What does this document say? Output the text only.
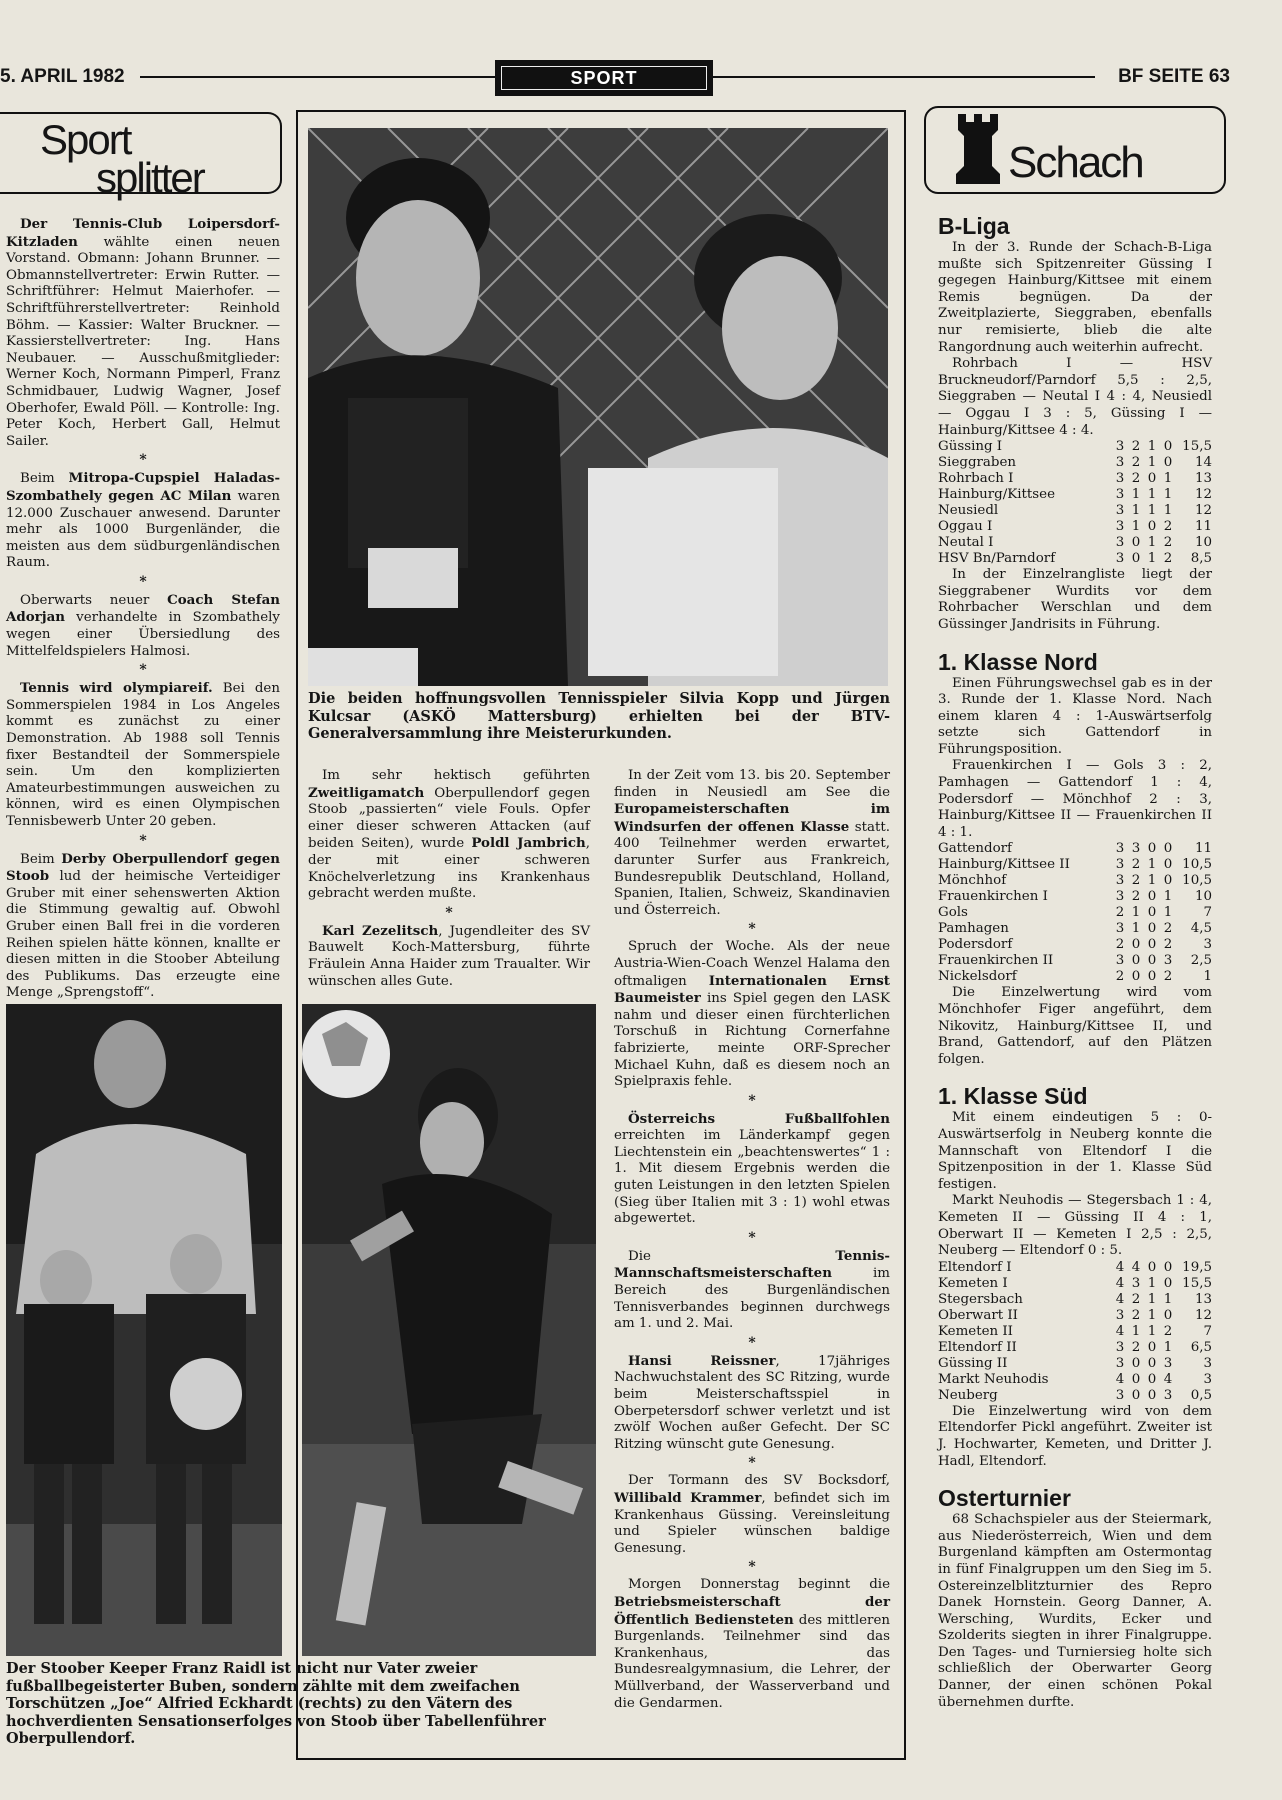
5. APRIL 1982	SPORT	BF SEITE 63
Sport
splitter

Der Tennis-Club Loipersdorf-Kitzladen wählte einen neuen Vorstand. Obmann: Johann Brunner. — Obmannstellvertreter: Erwin Rutter. — Schriftführer: Helmut Maierhofer. — Schriftführerstellvertreter: Reinhold Böhm. — Kassier: Walter Bruckner. — Kassierstellvertreter: Ing. Hans Neubauer. — Ausschußmitglieder: Werner Koch, Normann Pimperl, Franz Schmidbauer, Ludwig Wagner, Josef Oberhofer, Ewald Pöll. — Kontrolle: Ing. Peter Koch, Herbert Gall, Helmut Sailer.

*

Beim Mitropa-Cupspiel Haladas-Szombathely gegen AC Milan waren 12.000 Zuschauer anwesend. Darunter mehr als 1000 Burgenländer, die meisten aus dem südburgenländischen Raum.

*

Oberwarts neuer Coach Stefan Adorjan verhandelte in Szombathely wegen einer Übersiedlung des Mittelfeldspielers Halmosi.

*

Tennis wird olympiareif. Bei den Sommerspielen 1984 in Los Angeles kommt es zunächst zu einer Demonstration. Ab 1988 soll Tennis fixer Bestandteil der Sommerspiele sein. Um den komplizierten Amateurbestimmungen ausweichen zu können, wird es einen Olympischen Tennisbewerb Unter 20 geben.

*

Beim Derby Oberpullendorf gegen Stoob lud der heimische Verteidiger Gruber mit einer sehenswerten Aktion die Stimmung gewaltig auf. Obwohl Gruber einen Ball frei in die vorderen Reihen spielen hätte können, knallte er diesen mitten in die Stoober Abteilung des Publikums. Das erzeugte eine Menge „Sprengstoff“.

Der Stoober Keeper Franz Raidl ist nicht nur Vater zweier fußballbegeisterter Buben, sondern zählte mit dem zweifachen Torschützen „Joe“ Alfried Eckhardt (rechts) zu den Vätern des hochverdienten Sensationserfolges von Stoob über Tabellenführer Oberpullendorf.
Die beiden hoffnungsvollen Tennisspieler Silvia Kopp und Jürgen Kulcsar (ASKÖ Mattersburg) erhielten bei der BTV-Generalversammlung ihre Meisterurkunden.

Im sehr hektisch geführten Zweitligamatch Oberpullendorf gegen Stoob „passierten“ viele Fouls. Opfer einer dieser schweren Attacken (auf beiden Seiten), wurde Poldl Jambrich, der mit einer schweren Knöchelverletzung ins Krankenhaus gebracht werden mußte.

*

Karl Zezelitsch, Jugendleiter des SV Bauwelt Koch-Mattersburg, führte Fräulein Anna Haider zum Traualter. Wir wünschen alles Gute.

In der Zeit vom 13. bis 20. September finden in Neusiedl am See die Europameisterschaften im Windsurfen der offenen Klasse statt. 400 Teilnehmer werden erwartet, darunter Surfer aus Frankreich, Bundesrepublik Deutschland, Holland, Spanien, Italien, Schweiz, Skandinavien und Österreich.

*

Spruch der Woche. Als der neue Austria-Wien-Coach Wenzel Halama den oftmaligen Internationalen Ernst Baumeister ins Spiel gegen den LASK nahm und dieser einen fürchterlichen Torschuß in Richtung Cornerfahne fabrizierte, meinte ORF-Sprecher Michael Kuhn, daß es diesem noch an Spielpraxis fehle.

*

Österreichs Fußballfohlen erreichten im Länderkampf gegen Liechtenstein ein „beachtenswertes“ 1 : 1. Mit diesem Ergebnis werden die guten Leistungen in den letzten Spielen (Sieg über Italien mit 3 : 1) wohl etwas abgewertet.

*

Die Tennis-Mannschaftsmeisterschaften im Bereich des Burgenländischen Tennisverbandes beginnen durchwegs am 1. und 2. Mai.

*

Hansi Reissner, 17jähriges Nachwuchstalent des SC Ritzing, wurde beim Meisterschaftsspiel in Oberpetersdorf schwer verletzt und ist zwölf Wochen außer Gefecht. Der SC Ritzing wünscht gute Genesung.

*

Der Tormann des SV Bocksdorf, Willibald Krammer, befindet sich im Krankenhaus Güssing. Vereinsleitung und Spieler wünschen baldige Genesung.

*

Morgen Donnerstag beginnt die Betriebsmeisterschaft der Öffentlich Bediensteten des mittleren Burgenlands. Teilnehmer sind das Krankenhaus, das Bundesrealgymnasium, die Lehrer, der Müllverband, der Wasserverband und die Gendarmen.

Schach
B-Liga
In der 3. Runde der Schach-B-Liga mußte sich Spitzenreiter Güssing I gegegen Hainburg/Kittsee mit einem Remis begnügen. Da der Zweitplazierte, Sieggraben, ebenfalls nur remisierte, blieb die alte Rangordnung auch weiterhin aufrecht.
Rohrbach I — HSV Bruckneudorf/Parndorf 5,5 : 2,5, Sieggraben — Neutal I 4 : 4, Neusiedl — Oggau I 3 : 5, Güssing I — Hainburg/Kittsee 4 : 4.
Güssing I	3	2	1	0	15,5
Sieggraben	3	2	1	0	14
Rohrbach I	3	2	0	1	13
Hainburg/Kittsee	3	1	1	1	12
Neusiedl	3	1	1	1	12
Oggau I	3	1	0	2	11
Neutal I	3	0	1	2	10
HSV Bn/Parndorf	3	0	1	2	8,5
In der Einzelrangliste liegt der Sieggrabener Wurdits vor dem Rohrbacher Werschlan und dem Güssinger Jandrisits in Führung.
1. Klasse Nord
Einen Führungswechsel gab es in der 3. Runde der 1. Klasse Nord. Nach einem klaren 4 : 1-Auswärtserfolg setzte sich Gattendorf in Führungsposition.
Frauenkirchen I — Gols 3 : 2, Pamhagen — Gattendorf 1 : 4, Podersdorf — Mönchhof 2 : 3, Hainburg/Kittsee II — Frauenkirchen II 4 : 1.
Gattendorf	3	3	0	0	11
Hainburg/Kittsee II	3	2	1	0	10,5
Mönchhof	3	2	1	0	10,5
Frauenkirchen I	3	2	0	1	10
Gols	2	1	0	1	7
Pamhagen	3	1	0	2	4,5
Podersdorf	2	0	0	2	3
Frauenkirchen II	3	0	0	3	2,5
Nickelsdorf	2	0	0	2	1
Die Einzelwertung wird vom Mönchhofer Figer angeführt, dem Nikovitz, Hainburg/Kittsee II, und Brand, Gattendorf, auf den Plätzen folgen.
1. Klasse Süd
Mit einem eindeutigen 5 : 0-Auswärtserfolg in Neuberg konnte die Mannschaft von Eltendorf I die Spitzenposition in der 1. Klasse Süd festigen.
Markt Neuhodis — Stegersbach 1 : 4, Kemeten II — Güssing II 4 : 1, Oberwart II — Kemeten I 2,5 : 2,5, Neuberg — Eltendorf 0 : 5.
Eltendorf I	4	4	0	0	19,5
Kemeten I	4	3	1	0	15,5
Stegersbach	4	2	1	1	13
Oberwart II	3	2	1	0	12
Kemeten II	4	1	1	2	7
Eltendorf II	3	2	0	1	6,5
Güssing II	3	0	0	3	3
Markt Neuhodis	4	0	0	4	3
Neuberg	3	0	0	3	0,5
Die Einzelwertung wird von dem Eltendorfer Pickl angeführt. Zweiter ist J. Hochwarter, Kemeten, und Dritter J. Hadl, Eltendorf.
Osterturnier
68 Schachspieler aus der Steiermark, aus Niederösterreich, Wien und dem Burgenland kämpften am Ostermontag in fünf Finalgruppen um den Sieg im 5. Ostereinzelblitzturnier des Repro Danek Hornstein. Georg Danner, A. Wersching, Wurdits, Ecker und Szolderits siegten in ihrer Finalgruppe. Den Tages- und Turniersieg holte sich schließlich der Oberwarter Georg Danner, der einen schönen Pokal übernehmen durfte.
